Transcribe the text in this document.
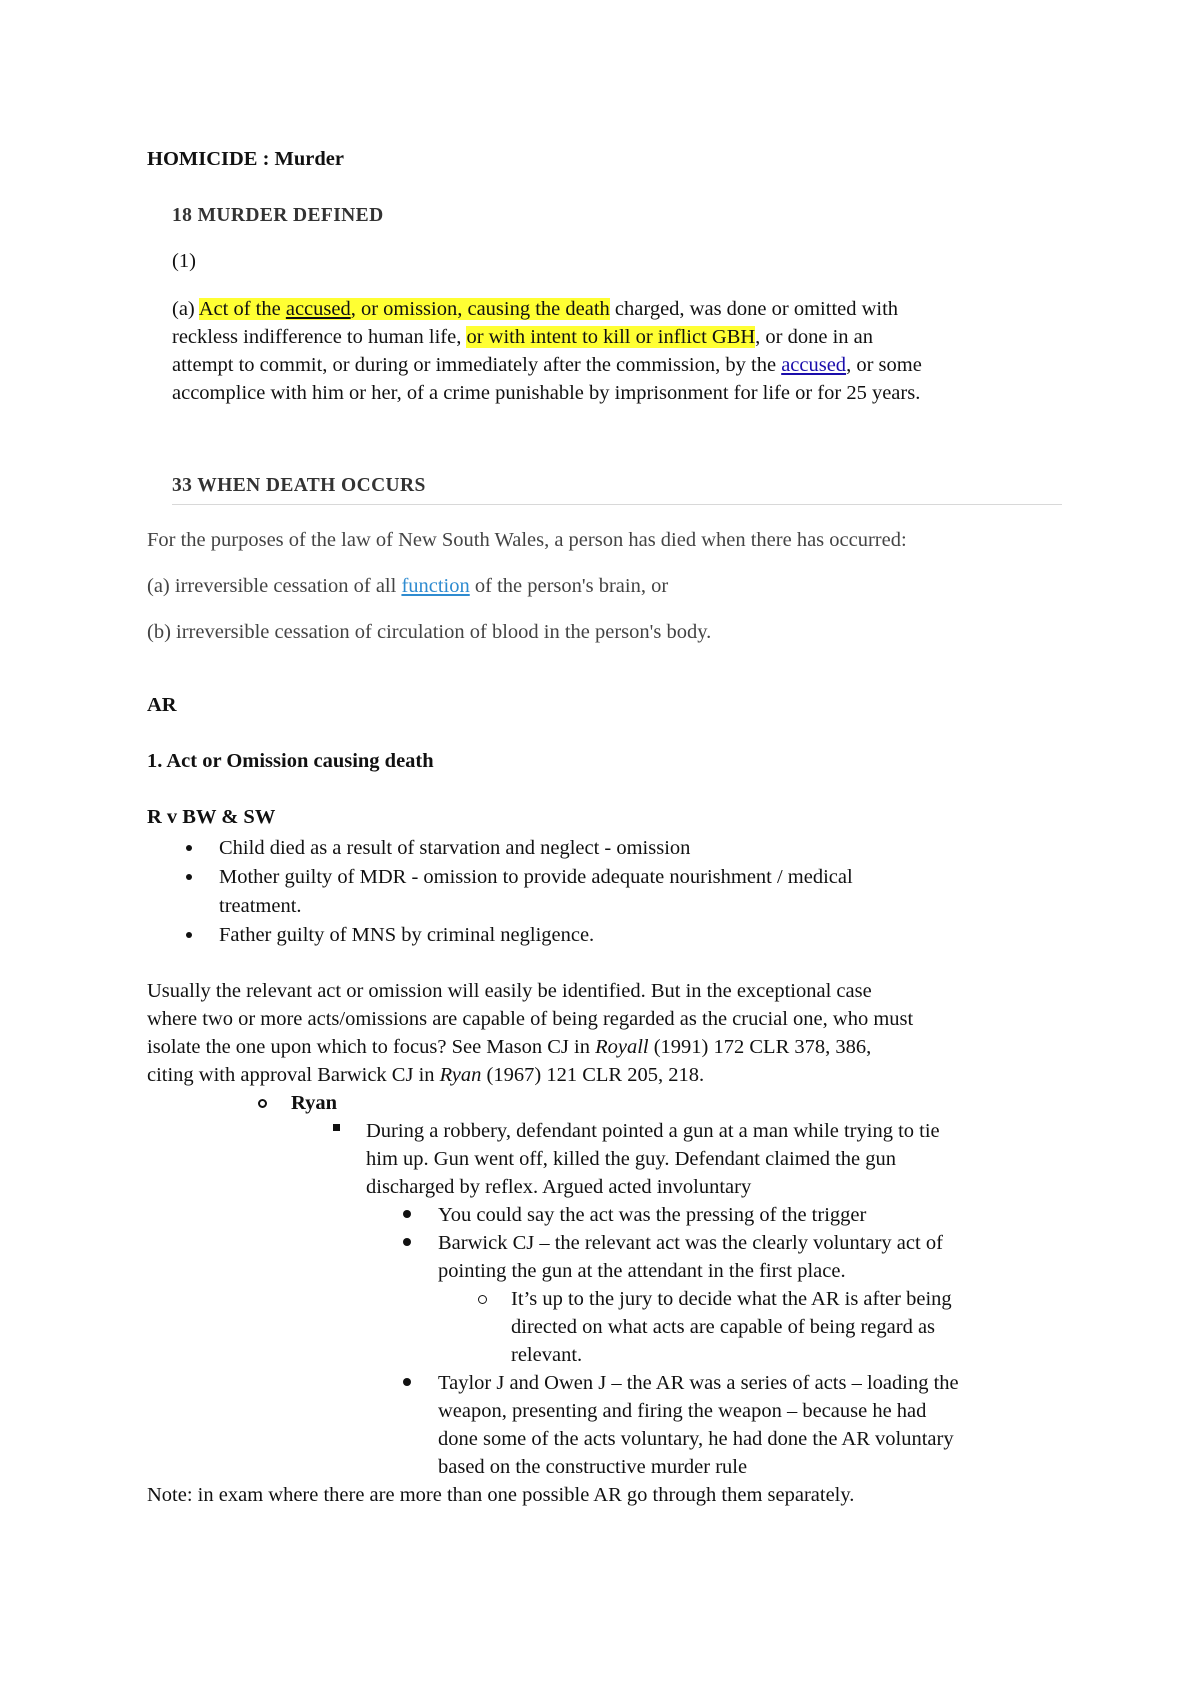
HOMICIDE : Murder
18 MURDER DEFINED
(1)
(a) Act of the accused, or omission, causing the death charged, was done or omitted with
reckless indifference to human life, or with intent to kill or inflict GBH, or done in an
attempt to commit, or during or immediately after the commission, by the accused, or some
accomplice with him or her, of a crime punishable by imprisonment for life or for 25 years.
33 WHEN DEATH OCCURS
For the purposes of the law of New South Wales, a person has died when there has occurred:
(a) irreversible cessation of all function of the person's brain, or
(b) irreversible cessation of circulation of blood in the person's body.
AR
1. Act or Omission causing death
R v BW & SW
Child died as a result of starvation and neglect - omission
Mother guilty of MDR - omission to provide adequate nourishment / medical
treatment.
Father guilty of MNS by criminal negligence.
Usually the relevant act or omission will easily be identified. But in the exceptional case
where two or more acts/omissions are capable of being regarded as the crucial one, who must
isolate the one upon which to focus? See Mason CJ in Royall (1991) 172 CLR 378, 386,
citing with approval Barwick CJ in Ryan (1967) 121 CLR 205, 218.
Ryan
During a robbery, defendant pointed a gun at a man while trying to tie
him up. Gun went off, killed the guy. Defendant claimed the gun
discharged by reflex. Argued acted involuntary
You could say the act was the pressing of the trigger
Barwick CJ – the relevant act was the clearly voluntary act of
pointing the gun at the attendant in the first place.
It’s up to the jury to decide what the AR is after being
directed on what acts are capable of being regard as
relevant.
Taylor J and Owen J – the AR was a series of acts – loading the
weapon, presenting and firing the weapon – because he had
done some of the acts voluntary, he had done the AR voluntary
based on the constructive murder rule
Note: in exam where there are more than one possible AR go through them separately.
